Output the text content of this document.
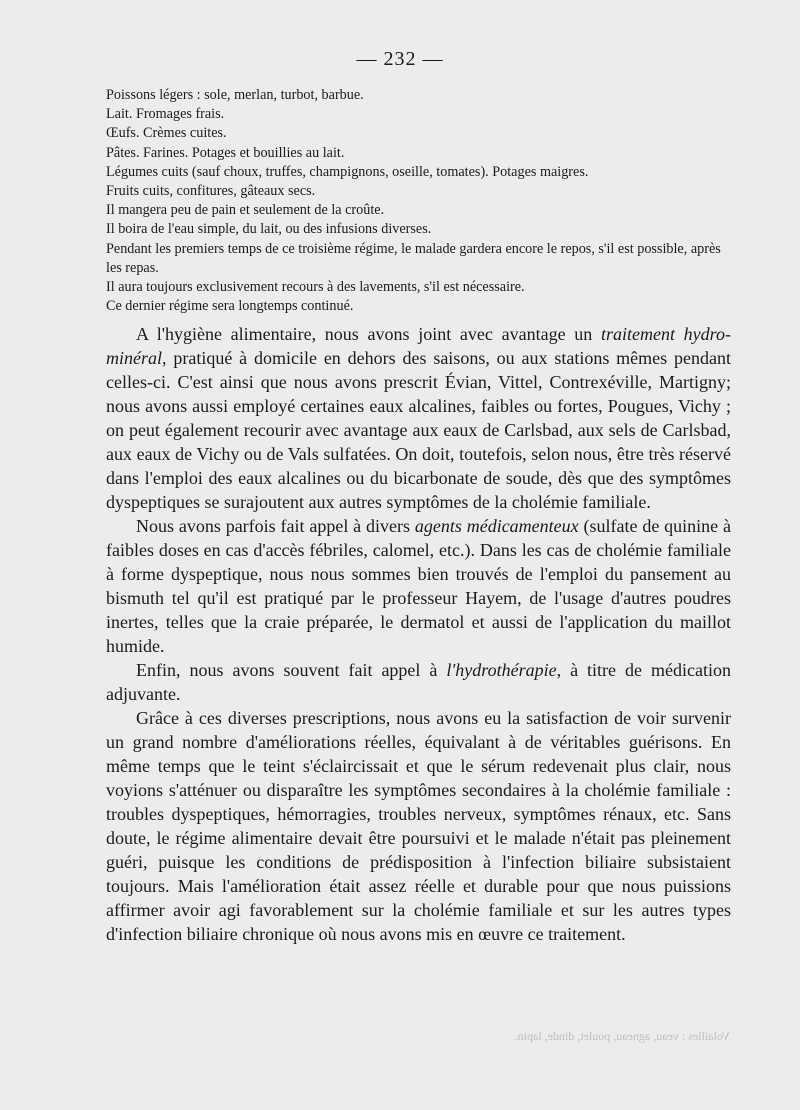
— 232 —

Poissons légers : sole, merlan, turbot, barbue.

Lait. Fromages frais.

Œufs. Crèmes cuites.

Pâtes. Farines. Potages et bouillies au lait.

Légumes cuits (sauf choux, truffes, champignons, oseille, tomates). Potages maigres.

Fruits cuits, confitures, gâteaux secs.

Il mangera peu de pain et seulement de la croûte.

Il boira de l'eau simple, du lait, ou des infusions diverses.

Pendant les premiers temps de ce troisième régime, le malade gardera encore le repos, s'il est possible, après les repas.

Il aura toujours exclusivement recours à des lavements, s'il est nécessaire.

Ce dernier régime sera longtemps continué.

A l'hygiène alimentaire, nous avons joint avec avantage un traitement hydro-minéral, pratiqué à domicile en dehors des saisons, ou aux stations mêmes pendant celles-ci. C'est ainsi que nous avons prescrit Évian, Vittel, Contrexéville, Martigny; nous avons aussi employé certaines eaux alcalines, faibles ou fortes, Pougues, Vichy ; on peut également recourir avec avantage aux eaux de Carlsbad, aux sels de Carlsbad, aux eaux de Vichy ou de Vals sulfatées. On doit, toutefois, selon nous, être très réservé dans l'emploi des eaux alcalines ou du bicarbonate de soude, dès que des symptômes dyspeptiques se surajoutent aux autres symptômes de la cholémie familiale.

Nous avons parfois fait appel à divers agents médicamenteux (sulfate de quinine à faibles doses en cas d'accès fébriles, calomel, etc.). Dans les cas de cholémie familiale à forme dyspeptique, nous nous sommes bien trouvés de l'emploi du pansement au bismuth tel qu'il est pratiqué par le professeur Hayem, de l'usage d'autres poudres inertes, telles que la craie préparée, le dermatol et aussi de l'application du maillot humide.

Enfin, nous avons souvent fait appel à l'hydrothérapie, à titre de médication adjuvante.

Grâce à ces diverses prescriptions, nous avons eu la satisfaction de voir survenir un grand nombre d'améliorations réelles, équivalant à de véritables guérisons. En même temps que le teint s'éclaircissait et que le sérum redevenait plus clair, nous voyions s'atténuer ou disparaître les symptômes secondaires à la cholémie familiale : troubles dyspeptiques, hémorragies, troubles nerveux, symptômes rénaux, etc. Sans doute, le régime alimentaire devait être poursuivi et le malade n'était pas pleinement guéri, puisque les conditions de prédisposition à l'infection biliaire subsistaient toujours. Mais l'amélioration était assez réelle et durable pour que nous puissions affirmer avoir agi favorablement sur la cholémie familiale et sur les autres types d'infection biliaire chronique où nous avons mis en œuvre ce traitement.

Volailles : veau, agneau, poulet, dinde, lapin.
